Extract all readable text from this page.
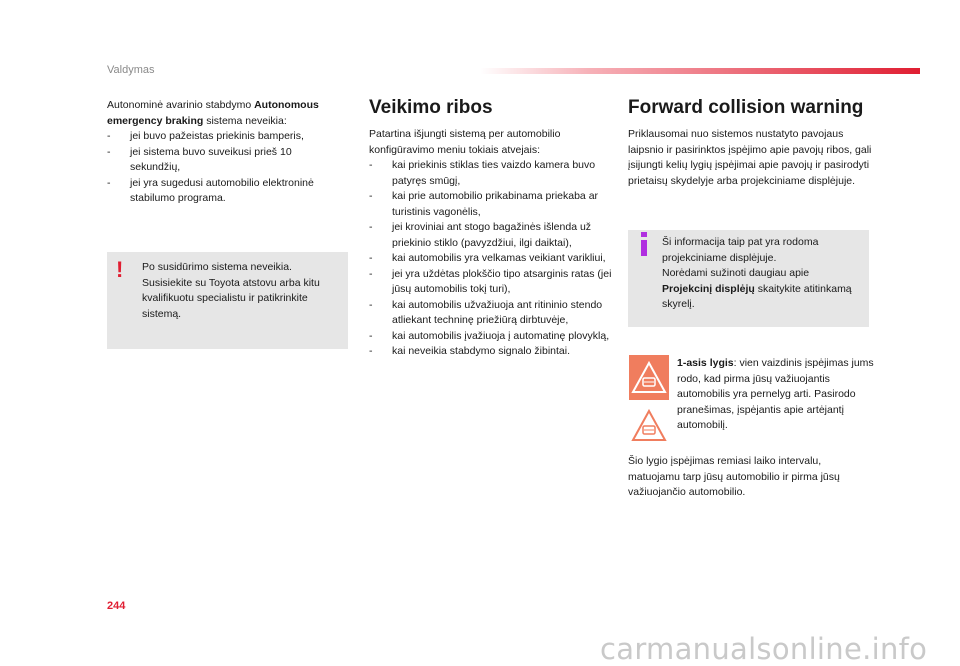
Valdymas
Autonominė avarinio stabdymo Autonomous emergency braking sistema neveikia:
- jei buvo pažeistas priekinis bamperis,
- jei sistema buvo suveikusi prieš 10 sekundžių,
- jei yra sugedusi automobilio elektroninė stabilumo programa.
! Po susidūrimo sistema neveikia. Susisiekite su Toyota atstovu arba kitu kvalifikuotu specialistu ir patikrinkite sistemą.
Veikimo ribos
Patartina išjungti sistemą per automobilio konfigūravimo meniu tokiais atvejais:
- kai priekinis stiklas ties vaizdo kamera buvo patyręs smūgį,
- kai prie automobilio prikabinama priekaba ar turistinis vagonėlis,
- jei kroviniai ant stogo bagažinės išlenda už priekinio stiklo (pavyzdžiui, ilgi daiktai),
- kai automobilis yra velkamas veikiant varikliui,
- jei yra uždėtas plokščio tipo atsarginis ratas (jei jūsų automobilis tokį turi),
- kai automobilis užvažiuoja ant ritininio stendo atliekant techninę priežiūrą dirbtuvėje,
- kai automobilis įvažiuoja į automatinę plovyklą,
- kai neveikia stabdymo signalo žibintai.
Forward collision warning
Priklausomai nuo sistemos nustatyto pavojaus laipsnio ir pasirinktos įspėjimo apie pavojų ribos, gali įsijungti kelių lygių įspėjimai apie pavojų ir pasirodyti prietaisų skydelyje arba projekciniame displėjuje.
Ši informacija taip pat yra rodoma projekciniame displėjuje.
Norėdami sužinoti daugiau apie Projekcinį displėjų skaitykite atitinkamą skyrelį.
1-asis lygis: vien vaizdinis įspėjimas jums rodo, kad pirma jūsų važiuojantis automobilis yra pernelyg arti. Pasirodo pranešimas, įspėjantis apie artėjantį automobilį.
Šio lygio įspėjimas remiasi laiko intervalu, matuojamu tarp jūsų automobilio ir pirma jūsų važiuojančio automobilio.
244
carmanualsonline.info
